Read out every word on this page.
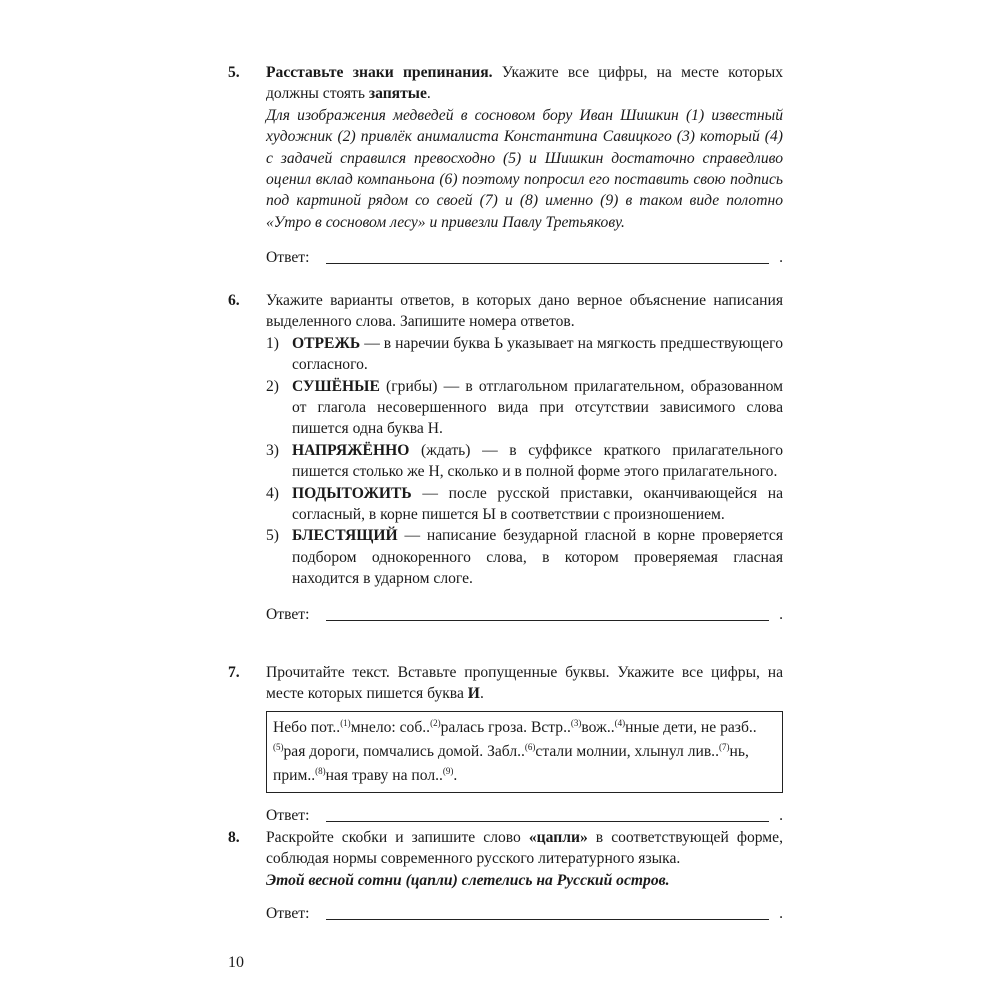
5. Расставьте знаки препинания. Укажите все цифры, на месте которых должны стоять запятые.

Для изображения медведей в сосновом бору Иван Шишкин (1) известный художник (2) привлёк анималиста Константина Савицкого (3) который (4) с задачей справился превосходно (5) и Шишкин достаточно справедливо оценил вклад компаньона (6) поэтому попросил его поставить свою подпись под картиной рядом со своей (7) и (8) именно (9) в таком виде полотно «Утро в сосновом лесу» и привезли Павлу Третьякову.

Ответ:	.
6. Укажите варианты ответов, в которых дано верное объяснение написания выделенного слова. Запишите номера ответов.

1) ОТРЕЖЬ — в наречии буква Ь указывает на мягкость предшествующего согласного.
2) СУШЁНЫЕ (грибы) — в отглагольном прилагательном, образованном от глагола несовершенного вида при отсутствии зависимого слова пишется одна буква Н.
3) НАПРЯЖЁННО (ждать) — в суффиксе краткого прилагательного пишется столько же Н, сколько и в полной форме этого прилагательного.
4) ПОДЫТОЖИТЬ — после русской приставки, оканчивающейся на согласный, в корне пишется Ы в соответствии с произношением.
5) БЛЕСТЯЩИЙ — написание безударной гласной в корне проверяется подбором однокоренного слова, в котором проверяемая гласная находится в ударном слоге.
Ответ:	.
7. Прочитайте текст. Вставьте пропущенные буквы. Укажите все цифры, на месте которых пишется буква И.

Небо пот..$^{(1)}$мнело: соб..$^{(2)}$ралась гроза. Встр..$^{(3)}$вож..$^{(4)}$нные дети, не разб..$^{(5)}$рая дороги, помчались домой. Забл..$^{(6)}$стали молнии, хлынул лив..$^{(7)}$нь, прим..$^{(8)}$ная траву на пол..$^{(9)}$.
Ответ:	.
8. Раскройте скобки и запишите слово «цапли» в соответствующей форме, соблюдая нормы современного русского литературного языка.

Этой весной сотни (цапли) слетелись на Русский остров.

Ответ:	.
10
